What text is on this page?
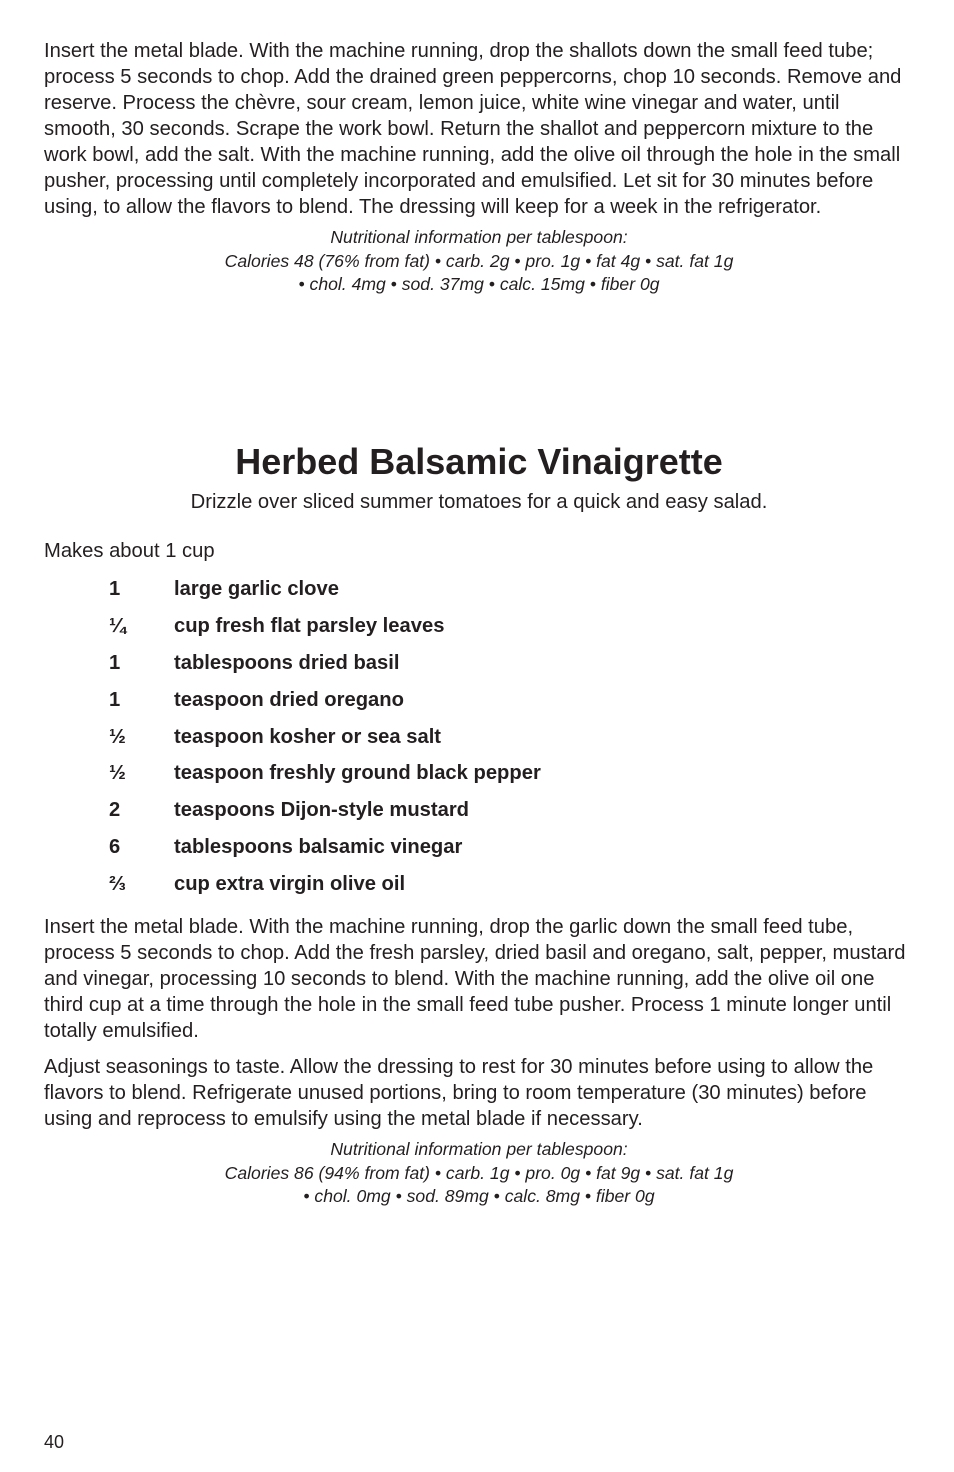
Insert the metal blade. With the machine running, drop the shallots down the small feed tube; process 5 seconds to chop. Add the drained green peppercorns, chop 10 seconds. Remove and reserve. Process the chèvre, sour cream, lemon juice, white wine vinegar and water, until smooth, 30 seconds. Scrape the work bowl. Return the shallot and peppercorn mixture to the work bowl, add the salt. With the machine running, add the olive oil through the hole in the small pusher, processing until completely incorporated and emulsified. Let sit for 30 minutes before using, to allow the flavors to blend. The dressing will keep for a week in the refrigerator.

Nutritional information per tablespoon:
Calories 48 (76% from fat) • carb. 2g • pro. 1g • fat 4g • sat. fat 1g
• chol. 4mg • sod. 37mg • calc. 15mg • fiber 0g
Herbed Balsamic Vinaigrette

Drizzle over sliced summer tomatoes for a quick and easy salad.

Makes about 1 cup

1	large garlic clove
¼	cup fresh flat parsley leaves
1	tablespoons dried basil
1	teaspoon dried oregano
½	teaspoon kosher or sea salt
½	teaspoon freshly ground black pepper
2	teaspoons Dijon-style mustard
6	tablespoons balsamic vinegar
⅔	cup extra virgin olive oil

Insert the metal blade. With the machine running, drop the garlic down the small feed tube, process 5 seconds to chop. Add the fresh parsley, dried basil and oregano, salt, pepper, mustard and vinegar, processing 10 seconds to blend. With the machine running, add the olive oil one third cup at a time through the hole in the small feed tube pusher. Process 1 minute longer until totally emulsified.

Adjust seasonings to taste. Allow the dressing to rest for 30 minutes before using to allow the flavors to blend. Refrigerate unused portions, bring to room temperature (30 minutes) before using and reprocess to emulsify using the metal blade if necessary.

Nutritional information per tablespoon:
Calories 86 (94% from fat) • carb. 1g • pro. 0g • fat 9g • sat. fat 1g
• chol. 0mg • sod. 89mg • calc. 8mg • fiber 0g
40
